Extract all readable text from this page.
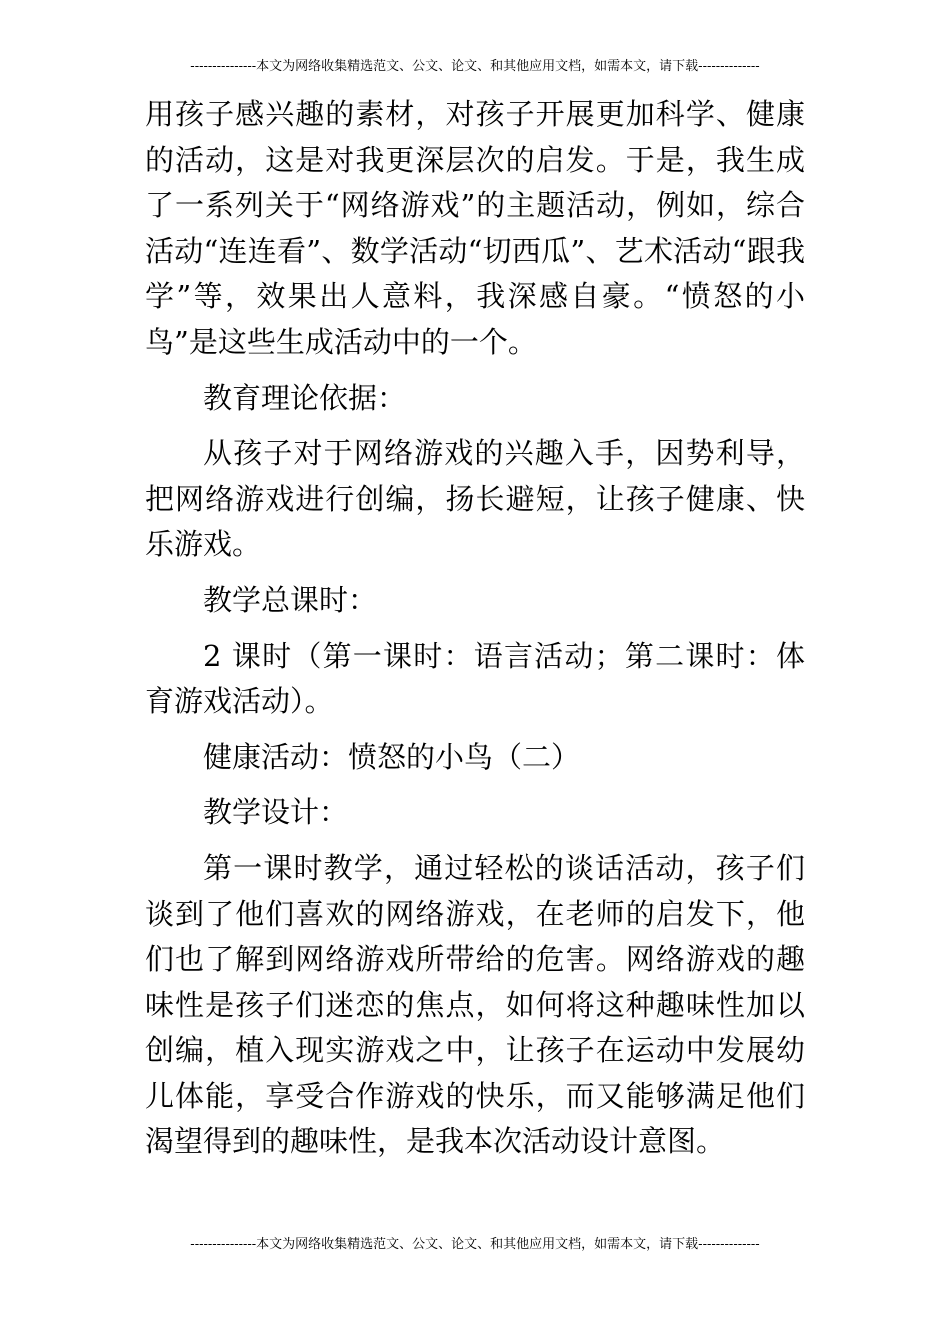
---------------本文为网络收集精选范文、公文、论文、和其他应用文档，如需本文，请下载--------------

用孩子感兴趣的素材，对孩子开展更加科学、健康的活动，这是对我更深层次的启发。于是，我生成了一系列关于“网络游戏”的主题活动，例如，综合活动“连连看”、数学活动“切西瓜”、艺术活动“跟我学”等，效果出人意料，我深感自豪。“愤怒的小鸟”是这些生成活动中的一个。

教育理论依据：

从孩子对于网络游戏的兴趣入手，因势利导，把网络游戏进行创编，扬长避短，让孩子健康、快乐游戏。

教学总课时：

2 课时（第一课时：语言活动；第二课时：体育游戏活动）。

健康活动：愤怒的小鸟（二）

教学设计：

第一课时教学，通过轻松的谈话活动，孩子们谈到了他们喜欢的网络游戏，在老师的启发下，他们也了解到网络游戏所带给的危害。网络游戏的趣味性是孩子们迷恋的焦点，如何将这种趣味性加以创编，植入现实游戏之中，让孩子在运动中发展幼儿体能，享受合作游戏的快乐，而又能够满足他们渴望得到的趣味性，是我本次活动设计意图。

---------------本文为网络收集精选范文、公文、论文、和其他应用文档，如需本文，请下载--------------
